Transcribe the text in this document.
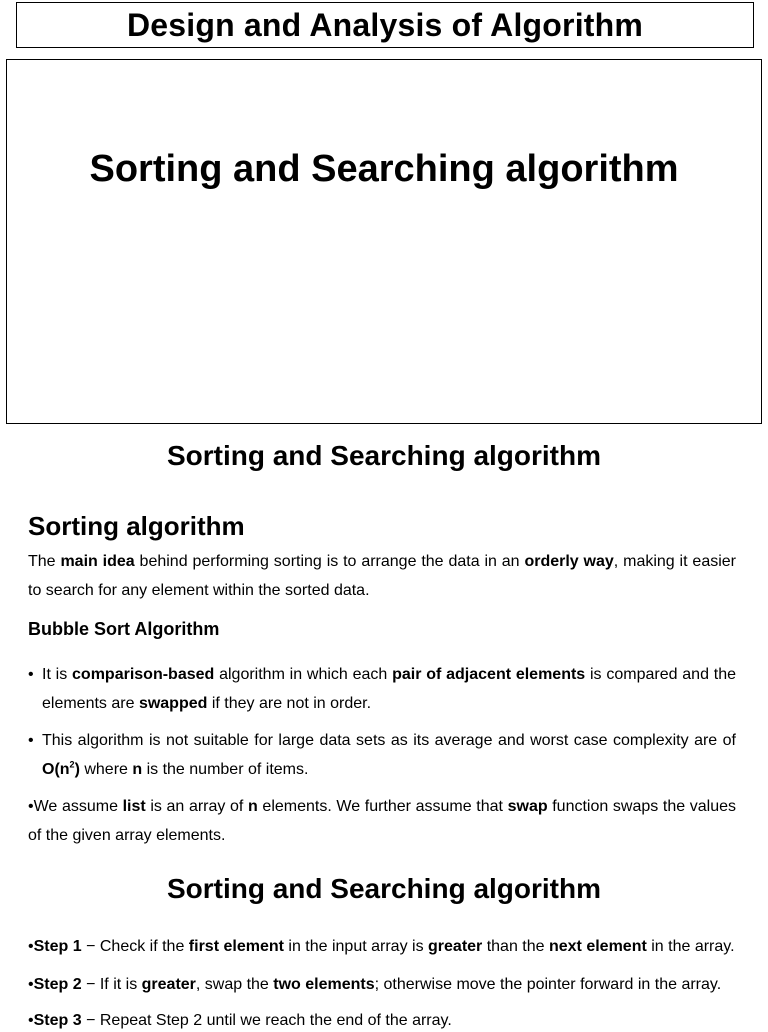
Design and Analysis of Algorithm
Sorting and Searching algorithm
Sorting and Searching algorithm
Sorting algorithm

The main idea behind performing sorting is to arrange the data in an orderly way, making it easier to search for any element within the sorted data.

Bubble Sort Algorithm
• It is comparison-based algorithm in which each pair of adjacent elements is compared and the elements are swapped if they are not in order.
• This algorithm is not suitable for large data sets as its average and worst case complexity are of $O(n^2)$ where n is the number of items.

•We assume list is an array of n elements. We further assume that swap function swaps the values of the given array elements.

Sorting and Searching algorithm
•Step 1 − Check if the first element in the input array is greater than the next element in the array.
•Step 2 − If it is greater, swap the two elements; otherwise move the pointer forward in the array.
•Step 3 − Repeat Step 2 until we reach the end of the array.
